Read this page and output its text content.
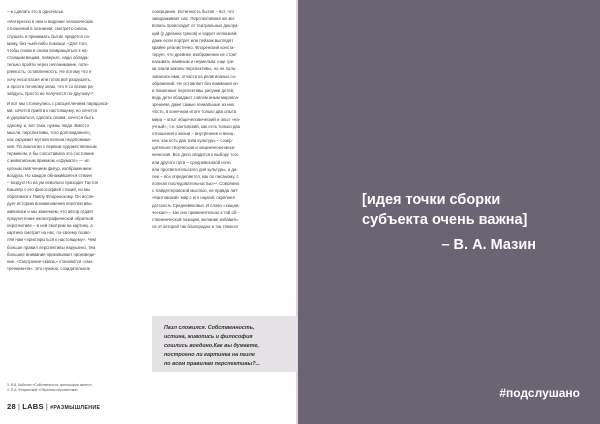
– и сделать это в одночасье.
«Интересно в нем и видение человеческих
отношений в познании: смотреть-сквозь,
слушать и принимать бытие придется са-
мому, без чьей-либо помощи. «Для того,
чтобы снова и снова возвращаться к на-
стоящим вещам, поверьте, надо облада-
тельно пройти через непонимание, поте-
рянность, оставленность. Не потому что я
хочу несогласия или готов всё разрушить,
а просто по-иному знаю, что я со всеми ра-
зойдусь, просто не получится по-другому»³.
И вот мы столкнулись с расщеплением парадокса-
ми: хочется прийти к настоящему, но хочется
и удержаться, сделать своим; хочется быть
одному, и, вот-таки, нужны люди. Вместо
мысли, перспективы, того долгожданного,
нас окружает мутная пелена недопонима-
ния. По аналогии с первым художественным
термином, я бы сопоставила это состояние
с живописным приемом «сфумато» — ис-
кусным смягчением фигур, изображением
воздуха. Но каждое обнажившееся стихия
– воздух! Но на ум невольно приходит Гастон
Башляр с его философией стихий, но мы
обратимся к Павлу Флоренскому. Он иссле-
дует историю возникновения перспективы
живописи и мы замечаем, что автор отдает
предпочтение иконографической обратной
перспективе – в ней смотрим на картину, а
картина смотрит на нас, по-своему позво-
ляя нам «приоткрыться к настоящему». Чем
больше правил перспективы нарушено, тем
большее внимание приковывает произведе-
ние. «Смотрение-сквозь» становится «смо-
трением-на». Это нужное, созидательное
созерцание. Истинность бытия – вот, что
завораживает нас. Перспективная же жи-
вопись происходит от театральных декора-
ций (у древних греков) и чарует иллюзией,
даже если портрет или пейзаж выглядят
крайне реалистично. Флоренский конста-
тирует, что древнее изображение не стоит
называть наивным и неумелым: еще гре-
ки знали законы перспективы, но не поль-
зовались ими, отчасти из религиозных со-
ображений. Не оставляет без внимания он
и лишенные перспективы рисунки детей,
ведь дети обладают совсем иным мировоз-
зрением, даже самые гениальные из них.
«Есть, в конечном итоге только два опыта
мира – опыт общечеловеческий и опыт «на-
учный», т.е. кантовский, как есть только два
отношения к жизни – внутреннее и внеш-
нее, как есть два типа культуры – созер-
цательно-творческая и хищнически-меха-
ническая. Все дело сводится к выбору того
или другого пути – средневековой ночи
или просветительского дня культуры, а да-
лее – все определяется, как по писаному, с
полною последовательностью»⁴. Совсемно
с Хайдеггеровской мыслью, не правда ли?
«Кантовский» мир с его наукой, окрепнея
детскость Средневековья. И слово «хищни-
ческая» – как оно применительно к той об-
ственнической позиции, желание избавить-
ся от которой так благородно и так тяжело!
3. В.В. Бибихин «Собственность: философия своего».
4. П.А. Флоренский «Обратная перспектива».
28 | LABS | #РАЗМЫШЛЕНИЕ
Пазл сложился. Собственность,
истина, живопись и философия
сошлись воедино.Как вы думаете,
построено ли картинка на пазле
по всем правилам перспективы?...
[идея точки сборки
субъекта очень важна]
– В. А. Мазин
#подслушано
